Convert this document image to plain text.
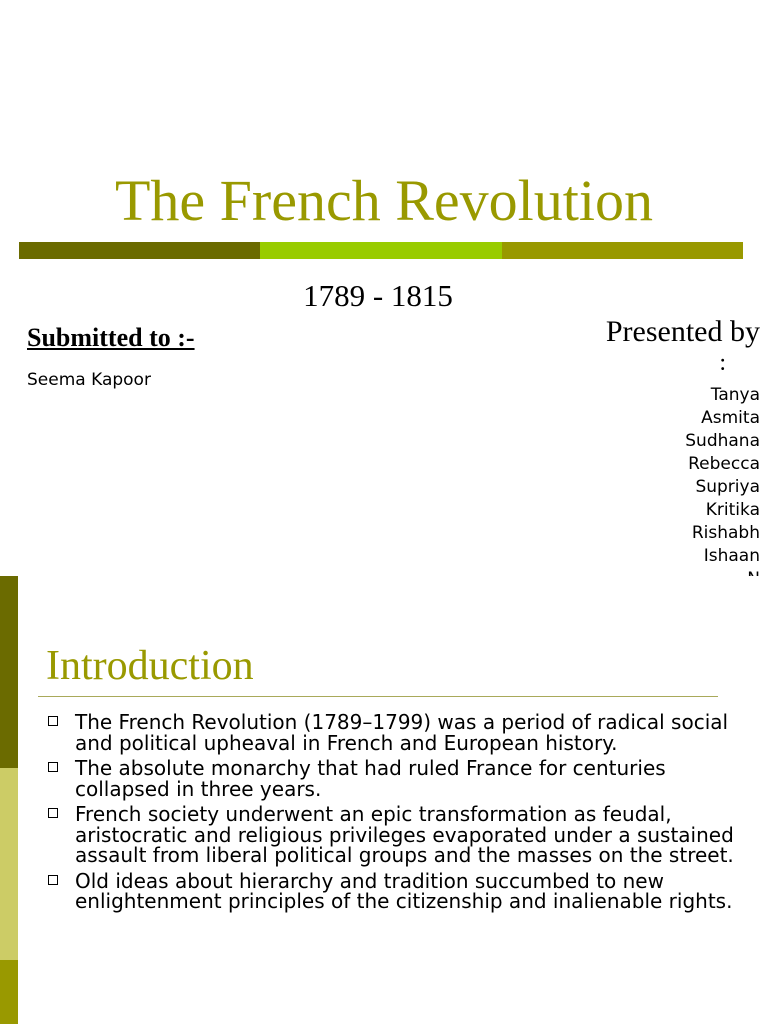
The French Revolution
1789 - 1815
Submitted to :-
Seema Kapoor
Presented by
:
Tanya
Asmita
Sudhana
Rebecca
Supriya
Kritika
Rishabh
Ishaan
Introduction
The French Revolution (1789–1799) was a period of radical social and political upheaval in French and European history.
The absolute monarchy that had ruled France for centuries collapsed in three years.
French society underwent an epic transformation as feudal, aristocratic and religious privileges evaporated under a sustained assault from liberal political groups and the masses on the street.
Old ideas about hierarchy and tradition succumbed to new enlightenment principles of the citizenship and inalienable rights.
